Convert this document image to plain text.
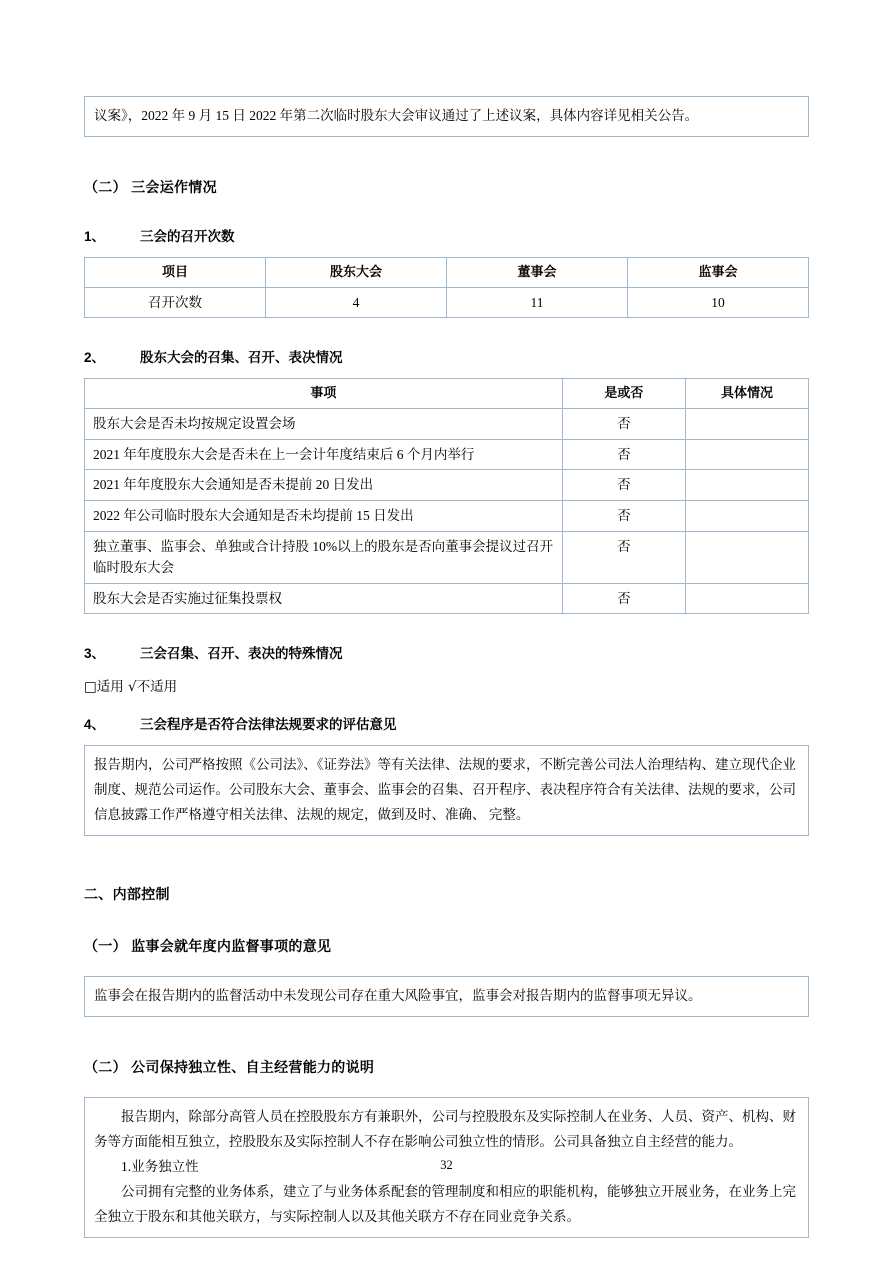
议案》，2022 年 9 月 15 日 2022 年第二次临时股东大会审议通过了上述议案，具体内容详见相关公告。

（二） 三会运作情况
1、	三会的召开次数
项目	股东大会	董事会	监事会
召开次数	4	11	10
2、	股东大会的召集、召开、表决情况
事项	是或否	具体情况
股东大会是否未均按规定设置会场	否	
2021 年年度股东大会是否未在上一会计年度结束后 6 个月内举行	否	
2021 年年度股东大会通知是否未提前 20 日发出	否	
2022 年公司临时股东大会通知是否未均提前 15 日发出	否	
独立董事、监事会、单独或合计持股 10%以上的股东是否向董事会提议过召开临时股东大会	否	
股东大会是否实施过征集投票权	否	
3、	三会召集、召开、表决的特殊情况
□适用 √不适用
4、	三会程序是否符合法律法规要求的评估意见

报告期内，公司严格按照《公司法》、《证券法》等有关法律、法规的要求，不断完善公司法人治理结构、建立现代企业制度、规范公司运作。公司股东大会、董事会、监事会的召集、召开程序、表决程序符合有关法律、法规的要求，公司信息披露工作严格遵守相关法律、法规的规定，做到及时、准确、 完整。

二、内部控制
（一） 监事会就年度内监督事项的意见

监事会在报告期内的监督活动中未发现公司存在重大风险事宜，监事会对报告期内的监督事项无异议。

（二） 公司保持独立性、自主经营能力的说明

报告期内，除部分高管人员在控股股东方有兼职外，公司与控股股东及实际控制人在业务、人员、资产、机构、财务等方面能相互独立，控股股东及实际控制人不存在影响公司独立性的情形。公司具备独立自主经营的能力。

1.业务独立性

公司拥有完整的业务体系，建立了与业务体系配套的管理制度和相应的职能机构，能够独立开展业务，在业务上完全独立于股东和其他关联方，与实际控制人以及其他关联方不存在同业竞争关系。

32
